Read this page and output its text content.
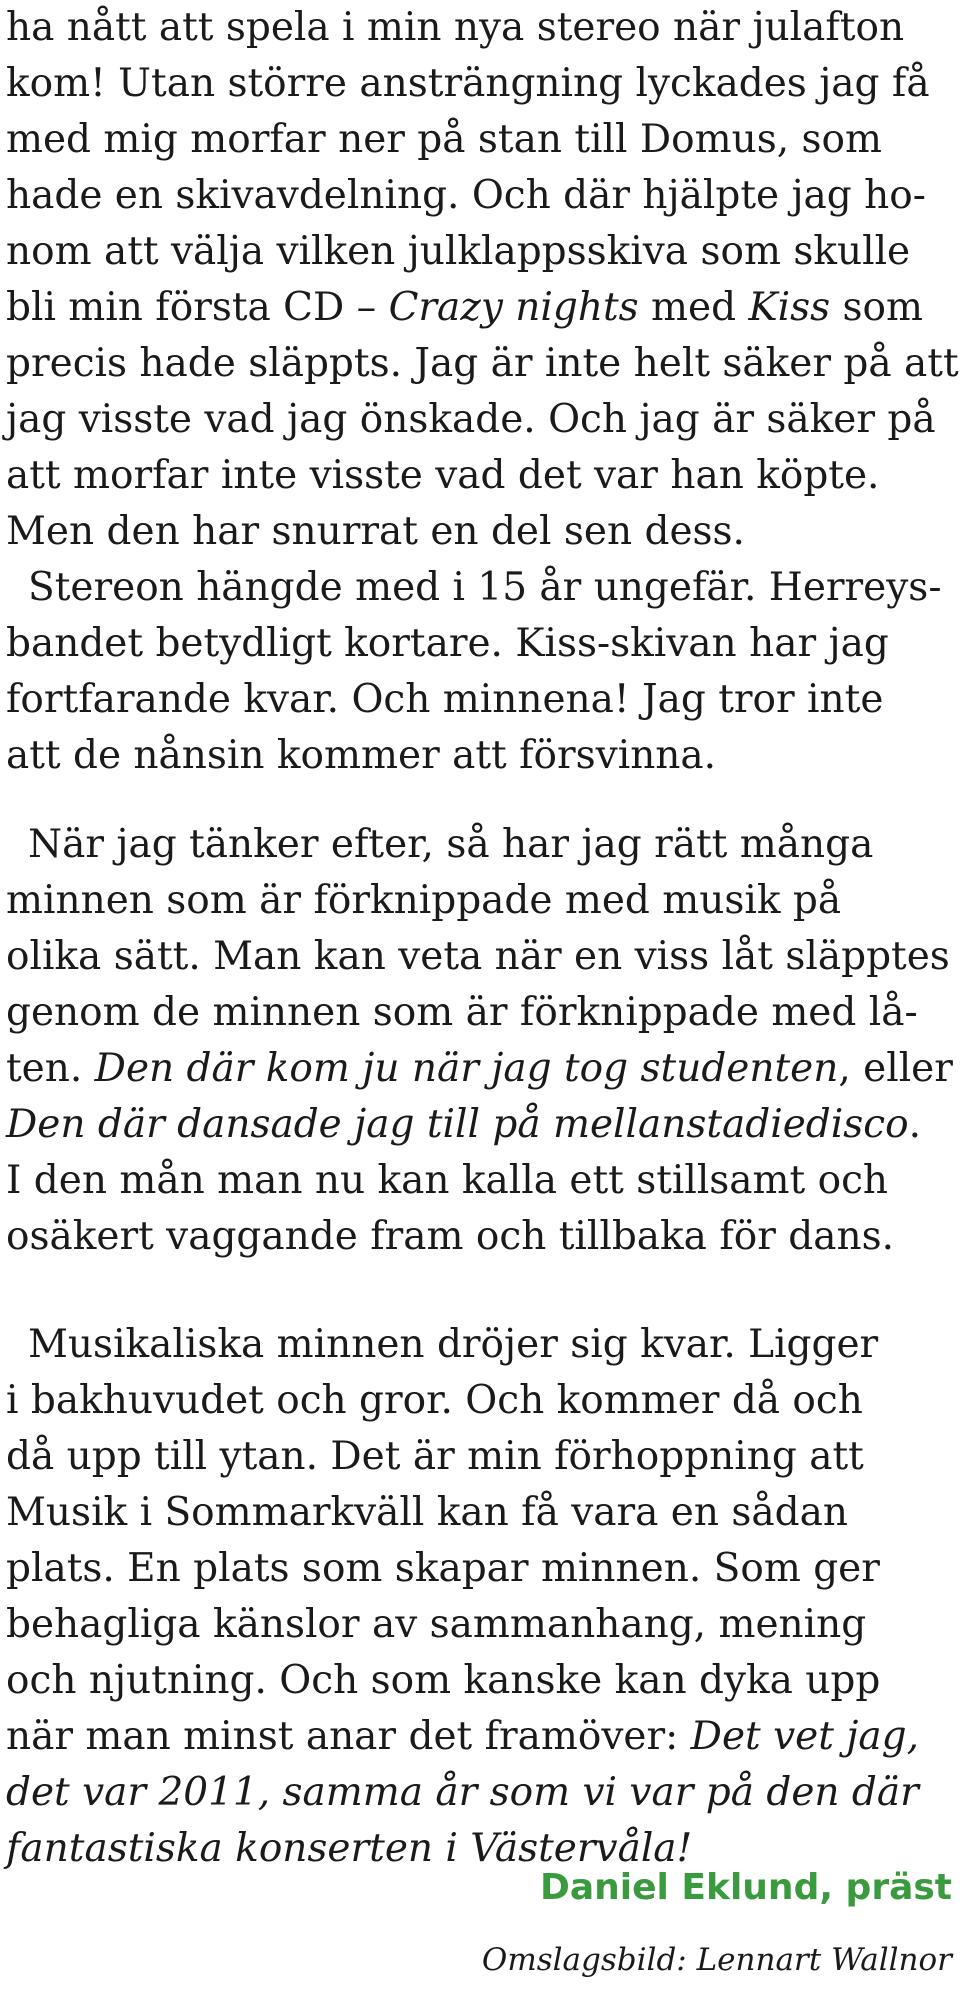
ha nått att spela i min nya stereo när julafton
kom! Utan större ansträngning lyckades jag få
med mig morfar ner på stan till Domus, som
hade en skivavdelning. Och där hjälpte jag ho-
nom att välja vilken julklappsskiva som skulle
bli min första CD – Crazy nights med Kiss som
precis hade släppts. Jag är inte helt säker på att
jag visste vad jag önskade. Och jag är säker på
att morfar inte visste vad det var han köpte.
Men den har snurrat en del sen dess.
Stereon hängde med i 15 år ungefär. Herreys-
bandet betydligt kortare. Kiss-skivan har jag
fortfarande kvar. Och minnena! Jag tror inte
att de nånsin kommer att försvinna.
När jag tänker efter, så har jag rätt många
minnen som är förknippade med musik på
olika sätt. Man kan veta när en viss låt släpptes
genom de minnen som är förknippade med lå-
ten. Den där kom ju när jag tog studenten, eller
Den där dansade jag till på mellanstadiedisco.
I den mån man nu kan kalla ett stillsamt och
osäkert vaggande fram och tillbaka för dans.
Musikaliska minnen dröjer sig kvar. Ligger
i bakhuvudet och gror. Och kommer då och
då upp till ytan. Det är min förhoppning att
Musik i Sommarkväll kan få vara en sådan
plats. En plats som skapar minnen. Som ger
behagliga känslor av sammanhang, mening
och njutning. Och som kanske kan dyka upp
när man minst anar det framöver: Det vet jag,
det var 2011, samma år som vi var på den där
fantastiska konserten i Västervåla!

Daniel Eklund, präst

Omslagsbild: Lennart Wallnor
